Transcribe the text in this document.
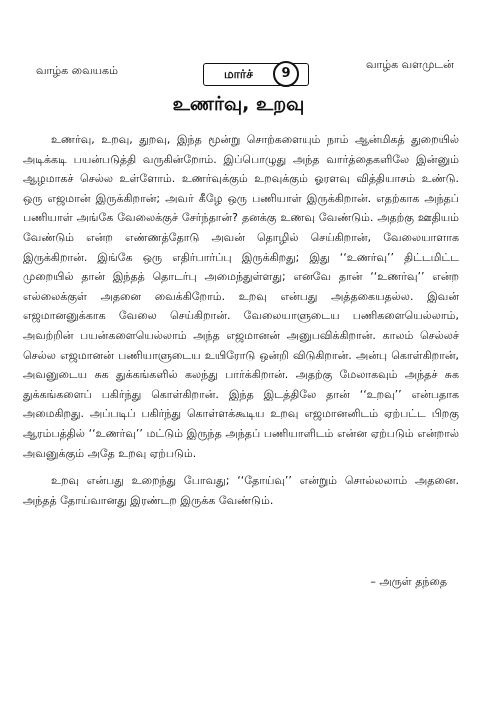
வாழ்க வையகம்	மார்ச்	9
வாழ்க வளமுடன்
உணர்வு, உறவு

உணர்வு, உறவு, துறவு, இந்த மூன்று சொற்களையும் நாம் ஆன்மிகத் துறையில் அடிக்கடி பயன்படுத்தி வருகின்றோம். இப்பொழுது அந்த வார்த்தைகளிலே இன்னும் ஆழமாகச் செல்ல உள்ளோம். உணர்வுக்கும் உறவுக்கும் ஓரளவு வித்தியாசம் உண்டு. ஒரு எஜமான் இருக்கிறான்; அவர் கீழே ஒரு பணியாள் இருக்கிறான். எதற்காக அந்தப் பணியாள் அங்கே வேலைக்குச் சேர்ந்தான்? தனக்கு உணவு வேண்டும். அதற்கு ஊதியம் வேண்டும் என்ற எண்ணத்தோடு அவன் தொழில் செய்கிறான், வேலையாளாக இருக்கிறான். இங்கே ஒரு எதிர்பார்ப்பு இருக்கிறது; இது ‘‘உணர்வு’’ திட்டமிட்ட முறையில் தான் இந்தத் தொடர்பு அமைந்துள்ளது; எனவே தான் ‘‘உணர்வு’’ என்ற எல்லைக்குள் அதனை வைக்கிறோம். உறவு என்பது அத்தகையதல்ல. இவன் எஜமானனுக்காக வேலை செய்கிறான். வேலையாளுடைய பணிகளையெல்லாம், அவற்றின் பயன்களையெல்லாம் அந்த எஜமானன் அனுபவிக்கிறான். காலம் செல்லச் செல்ல எஜமானன் பணியாளுடைய உயிரோடு ஒன்றி விடுகிறான். அன்பு கொள்கிறான், அவனுடைய சுக துக்கங்களில் கலந்து பார்க்கிறான். அதற்கு மேலாகவும் அந்தச் சுக துக்கங்களைப் பகிர்ந்து கொள்கிறான். இந்த இடத்திலே தான் ‘‘உறவு’’ என்பதாக அமைகிறது. அப்படிப் பகிர்ந்து கொள்ளக்கூடிய உறவு எஜமானனிடம் ஏற்பட்ட பிறகு ஆரம்பத்தில் ‘‘உணர்வு’’ மட்டும் இருந்த அந்தப் பணியாளிடம் என்ன ஏற்படும் என்றால் அவனுக்கும் அதே உறவு ஏற்படும்.

உறவு என்பது உறைந்து போவது; ‘‘தோய்வு’’ என்றும் சொல்லலாம் அதனை. அந்தத் தோய்வானது இரண்டற இருக்க வேண்டும்.

– அருள் தந்தை
